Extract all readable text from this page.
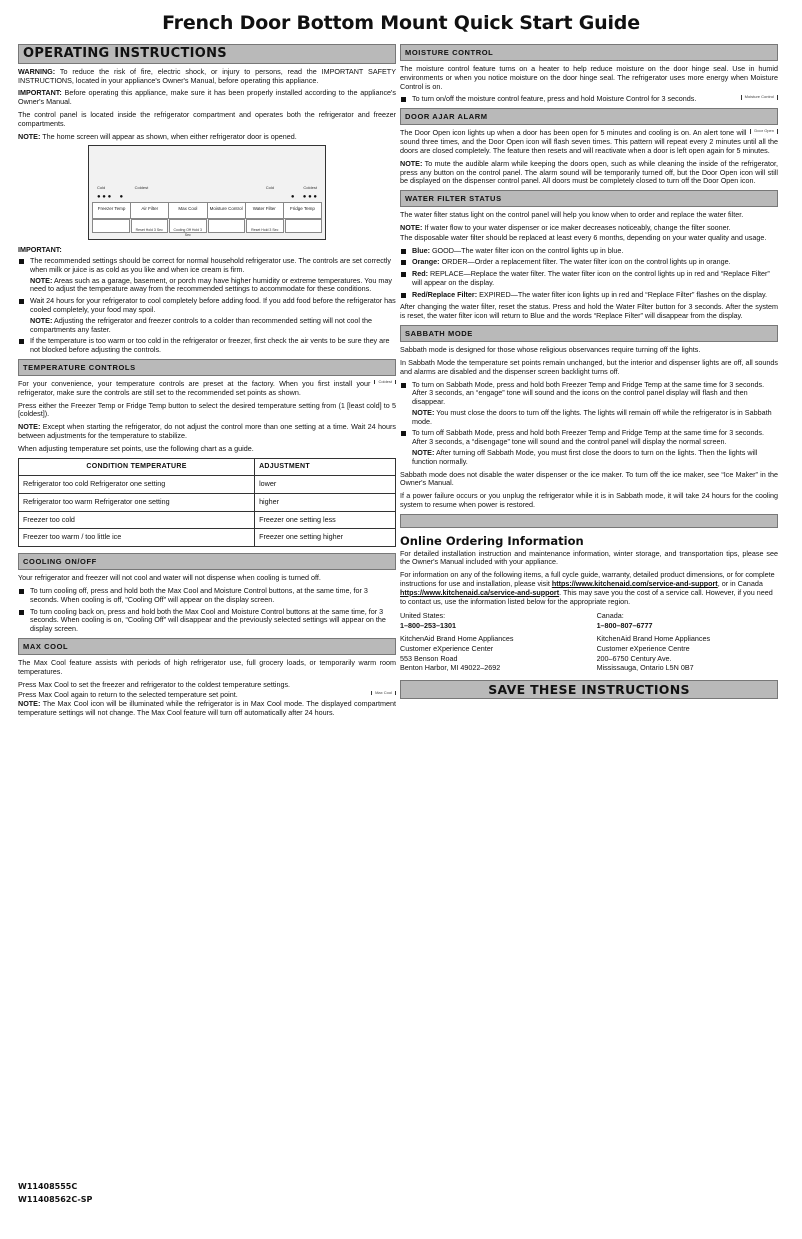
French Door Bottom Mount Quick Start Guide
OPERATING INSTRUCTIONS

WARNING: To reduce the risk of fire, electric shock, or injury to persons, read the IMPORTANT SAFETY INSTRUCTIONS, located in your appliance's Owner's Manual, before operating this appliance.

IMPORTANT: Before operating this appliance, make sure it has been properly installed according to the appliance's Owner's Manual.

The control panel is located inside the refrigerator compartment and operates both the refrigerator and freezer compartments.

NOTE: The home screen will appear as shown, when either refrigerator door is opened.

Cold	Coldest	Cold	Coldest
● ● ●     ●	●     ● ● ●
Freezer Temp	Air Filter	Max Cool	Moisture Control	Water Filter	Fridge Temp
Reset Hold 3 Sec	Cooling Off Hold 3 Sec
Reset Hold 3 Sec

IMPORTANT:

The recommended settings should be correct for normal household refrigerator use. The controls are set correctly when milk or juice is as cold as you like and when ice cream is firm.
NOTE: Areas such as a garage, basement, or porch may have higher humidity or extreme temperatures. You may need to adjust the temperature away from the recommended settings to accommodate for these conditions.
Wait 24 hours for your refrigerator to cool completely before adding food. If you add food before the refrigerator has cooled completely, your food may spoil.
NOTE: Adjusting the refrigerator and freezer controls to a colder than recommended setting will not cool the compartments any faster.
If the temperature is too warm or too cold in the refrigerator or freezer, first check the air vents to be sure they are not blocked before adjusting the controls.
TEMPERATURE CONTROLS

Coldest
For your convenience, your temperature controls are preset at the factory. When you first install your refrigerator, make sure the controls are still set to the recommended set points as shown.

Press either the Freezer Temp or Fridge Temp button to select the desired temperature setting from (1 [least cold] to 5 [coldest]).

NOTE: Except when starting the refrigerator, do not adjust the control more than one setting at a time. Wait 24 hours between adjustments for the temperature to stabilize.

When adjusting temperature set points, use the following chart as a guide.

CONDITION TEMPERATURE	ADJUSTMENT
Refrigerator too cold Refrigerator one setting	lower
Refrigerator too warm Refrigerator one setting	higher
Freezer too cold	Freezer one setting less
Freezer too warm / too little ice	Freezer one setting higher
COOLING ON/OFF

Your refrigerator and freezer will not cool and water will not dispense when cooling is turned off.

To turn cooling off, press and hold both the Max Cool and Moisture Control buttons, at the same time, for 3 seconds. When cooling is off, “Cooling Off” will appear on the display screen.
To turn cooling back on, press and hold both the Max Cool and Moisture Control buttons at the same time, for 3 seconds. When cooling is on, “Cooling Off” will disappear and the previously selected settings will appear on the display screen.
MAX COOL

The Max Cool feature assists with periods of high refrigerator use, full grocery loads, or temporarily warm room temperatures.

Press Max Cool to set the freezer and refrigerator to the coldest temperature settings.

Max Cool
Press Max Cool again to return to the selected temperature set point.

NOTE: The Max Cool icon will be illuminated while the refrigerator is in Max Cool mode. The displayed compartment temperature settings will not change. The Max Cool feature will turn off automatically after 24 hours.

MOISTURE CONTROL

The moisture control feature turns on a heater to help reduce moisture on the door hinge seal. Use in humid environments or when you notice moisture on the door hinge seal. The refrigerator uses more energy when Moisture Control is on.

Moisture Control
To turn on/off the moisture control feature, press and hold Moisture Control for 3 seconds.
DOOR AJAR ALARM

Door Open
The Door Open icon lights up when a door has been open for 5 minutes and cooling is on. An alert tone will sound three times, and the Door Open icon will flash seven times. This pattern will repeat every 2 minutes until all the doors are closed completely. The feature then resets and will reactivate when a door is left open again for 5 minutes.

NOTE: To mute the audible alarm while keeping the doors open, such as while cleaning the inside of the refrigerator, press any button on the control panel. The alarm sound will be temporarily turned off, but the Door Open icon will still be displayed on the dispenser control panel. All doors must be completely closed to turn off the Door Open icon.

WATER FILTER STATUS

The water filter status light on the control panel will help you know when to order and replace the water filter.

NOTE: If water flow to your water dispenser or ice maker decreases noticeably, change the filter sooner.

The disposable water filter should be replaced at least every 6 months, depending on your water quality and usage.

Blue: GOOD—The water filter icon on the control lights up in blue.
Orange: ORDER—Order a replacement filter. The water filter icon on the control lights up in orange.
Red: REPLACE—Replace the water filter. The water filter icon on the control lights up in red and “Replace Filter” will appear on the display.
Red/Replace Filter: EXPIRED—The water filter icon lights up in red and “Replace Filter” flashes on the display.

After changing the water filter, reset the status. Press and hold the Water Filter button for 3 seconds. After the system is reset, the water filter icon will return to Blue and the words “Replace Filter” will disappear from the display.

SABBATH MODE

Sabbath mode is designed for those whose religious observances require turning off the lights.

In Sabbath Mode the temperature set points remain unchanged, but the interior and dispenser lights are off, all sounds and alarms are disabled and the dispenser screen backlight turns off.

To turn on Sabbath Mode, press and hold both Freezer Temp and Fridge Temp at the same time for 3 seconds. After 3 seconds, an “engage” tone will sound and the icons on the control panel display will flash and then disappear.
NOTE: You must close the doors to turn off the lights. The lights will remain off while the refrigerator is in Sabbath mode.
To turn off Sabbath Mode, press and hold both Freezer Temp and Fridge Temp at the same time for 3 seconds. After 3 seconds, a “disengage” tone will sound and the control panel will display the normal screen.
NOTE: After turning off Sabbath Mode, you must first close the doors to turn on the lights. Then the lights will function normally.

Sabbath mode does not disable the water dispenser or the ice maker. To turn off the ice maker, see “Ice Maker” in the Owner's Manual.

If a power failure occurs or you unplug the refrigerator while it is in Sabbath mode, it will take 24 hours for the cooling system to resume when power is restored.

Online Ordering Information

For detailed installation instruction and maintenance information, winter storage, and transportation tips, please see the Owner's Manual included with your appliance.

For information on any of the following items, a full cycle guide, warranty, detailed product dimensions, or for complete instructions for use and installation, please visit https://www.kitchenaid.com/service-and-support, or in Canada https://www.kitchenaid.ca/service-and-support. This may save you the cost of a service call. However, if you need to contact us, use the information listed below for the appropriate region.

United States:
1–800–253–1301
KitchenAid Brand Home Appliances
Customer eXperience Center
553 Benson Road
Benton Harbor, MI 49022–2692
Canada:
1–800–807–6777
KitchenAid Brand Home Appliances
Customer eXperience Centre
200–6750 Century Ave.
Mississauga, Ontario L5N 0B7
SAVE THESE INSTRUCTIONS
W11408555C
W11408562C-SP
